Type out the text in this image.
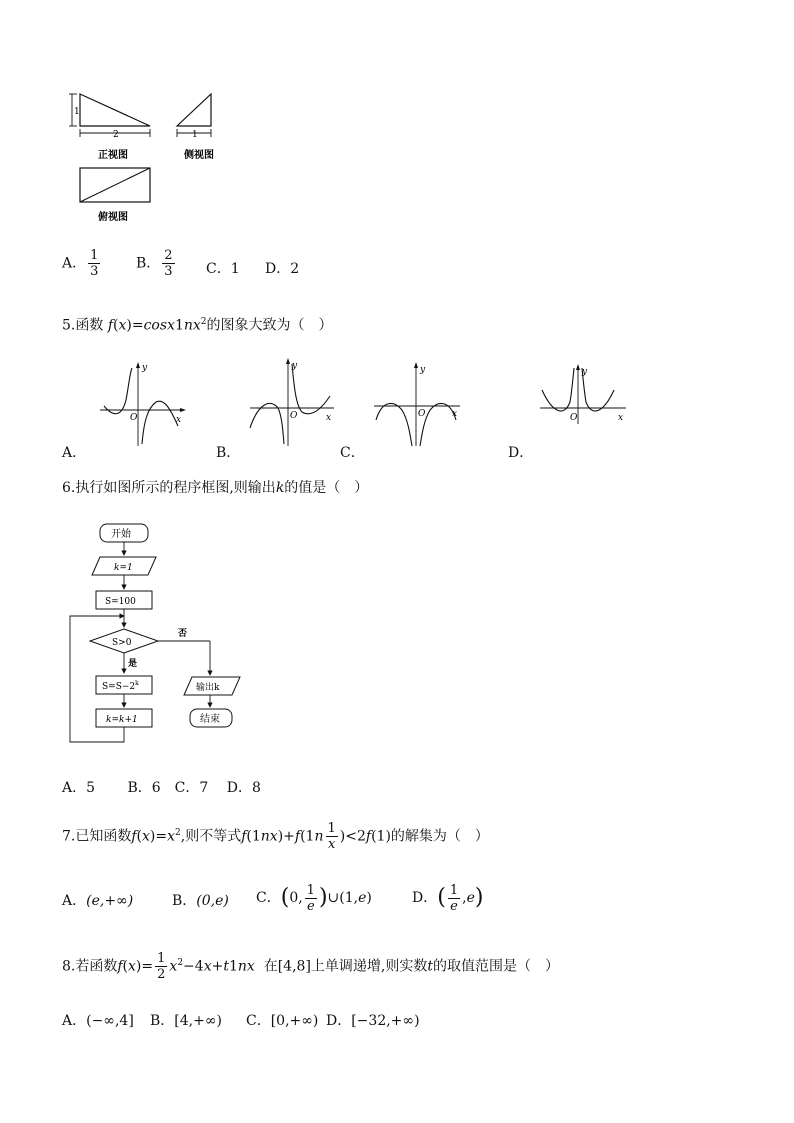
1
2
正视图
1
侧视图
俯视图
A． $\frac{1}{3}$	B． $\frac{2}{3}$ C．1 D．2
5.函数 $f(x)=\cos x1nx^2$的图象大致为（　）
y
x
O
A．
y
x
O
B．
y
x
O
C．
y
x
O
D．
6.执行如图所示的程序框图,则输出k的值是（　）
开始
k=1
S=100
S>0
否
是
$S=S-2^k$
k=k+1
输出k
结束
A．5　　 B．6　C．7　 D．8
7.已知函数$f(x)=x^2$,则不等式$f(1nx)+f(1n \frac{1}{x} )<2f(1)$的解集为（　）
A．(e,+∞)	B．(0,e) C．(0, $\frac{1}{e}$ )∪(1,e)	D．( $\frac{1}{e} ,e$)
8.若函数$f(x)= \frac{1}{2} x^2-4x+t1nx$ 在[4,8]上单调递增,则实数t的取值范围是（　）
A．(−∞,4] B．[4,+∞) C．[0,+∞) D．[−32,+∞)
